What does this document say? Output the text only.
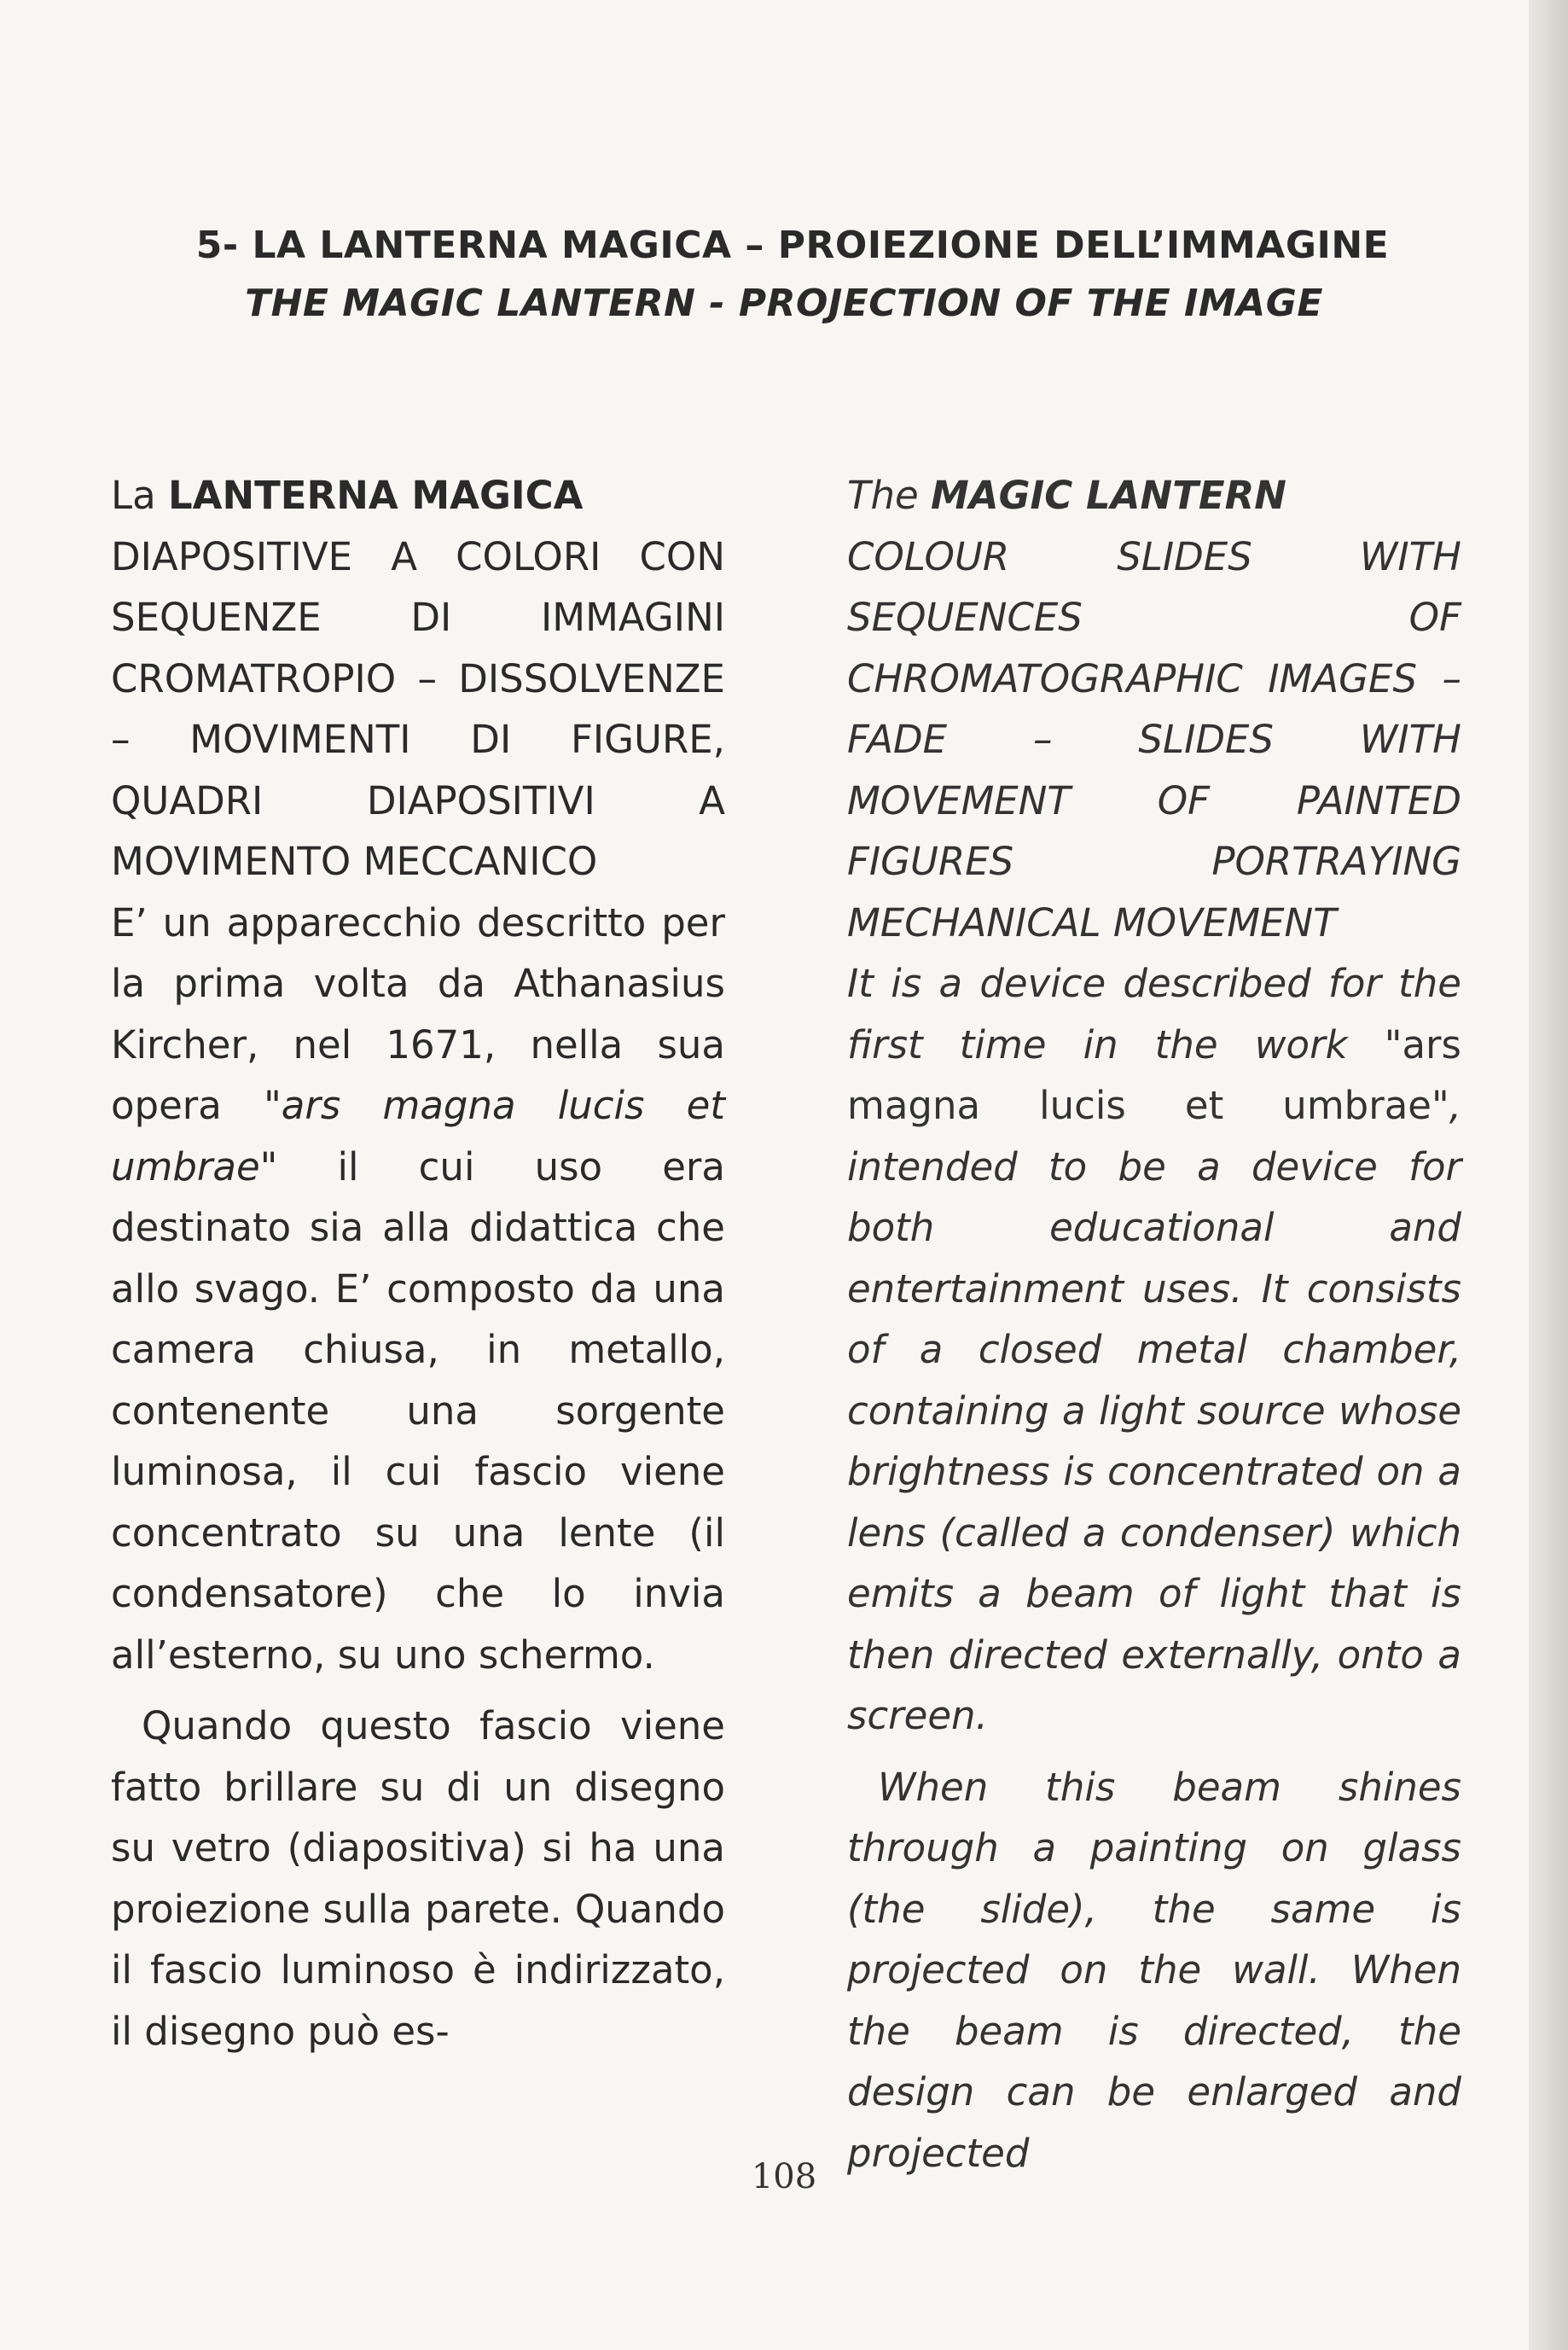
5- LA LANTERNA MAGICA – PROIEZIONE DELL’IMMAGINE
THE MAGIC LANTERN - PROJECTION OF THE IMAGE

La LANTERNA MAGICA

DIAPOSITIVE A COLORI CON SEQUENZE DI IMMAGINI CROMATROPIO – DISSOLVENZE – MOVIMENTI DI FIGURE, QUADRI DIAPOSITIVI A MOVIMENTO MECCANICO

E’ un apparecchio descritto per la prima volta da Athanasius Kircher, nel 1671, nella sua opera "ars magna lucis et umbrae" il cui uso era destinato sia alla didattica che allo svago. E’ composto da una camera chiusa, in metallo, contenente una sorgente luminosa, il cui fascio viene concentrato su una lente (il condensatore) che lo invia all’esterno, su uno schermo.

Quando questo fascio viene fatto brillare su di un disegno su vetro (diapositiva) si ha una proiezione sulla parete. Quando il fascio luminoso è indirizzato, il disegno può es-

The MAGIC LANTERN

COLOUR SLIDES WITH SEQUENCES OF CHROMATOGRAPHIC IMAGES – FADE – SLIDES WITH MOVEMENT OF PAINTED FIGURES PORTRAYING MECHANICAL MOVEMENT

It is a device described for the first time in the work "ars magna lucis et umbrae", intended to be a device for both educational and entertainment uses. It consists of a closed metal chamber, containing a light source whose brightness is concentrated on a lens (called a condenser) which emits a beam of light that is then directed externally, onto a screen.

When this beam shines through a painting on glass (the slide), the same is projected on the wall. When the beam is directed, the design can be enlarged and projected

108
